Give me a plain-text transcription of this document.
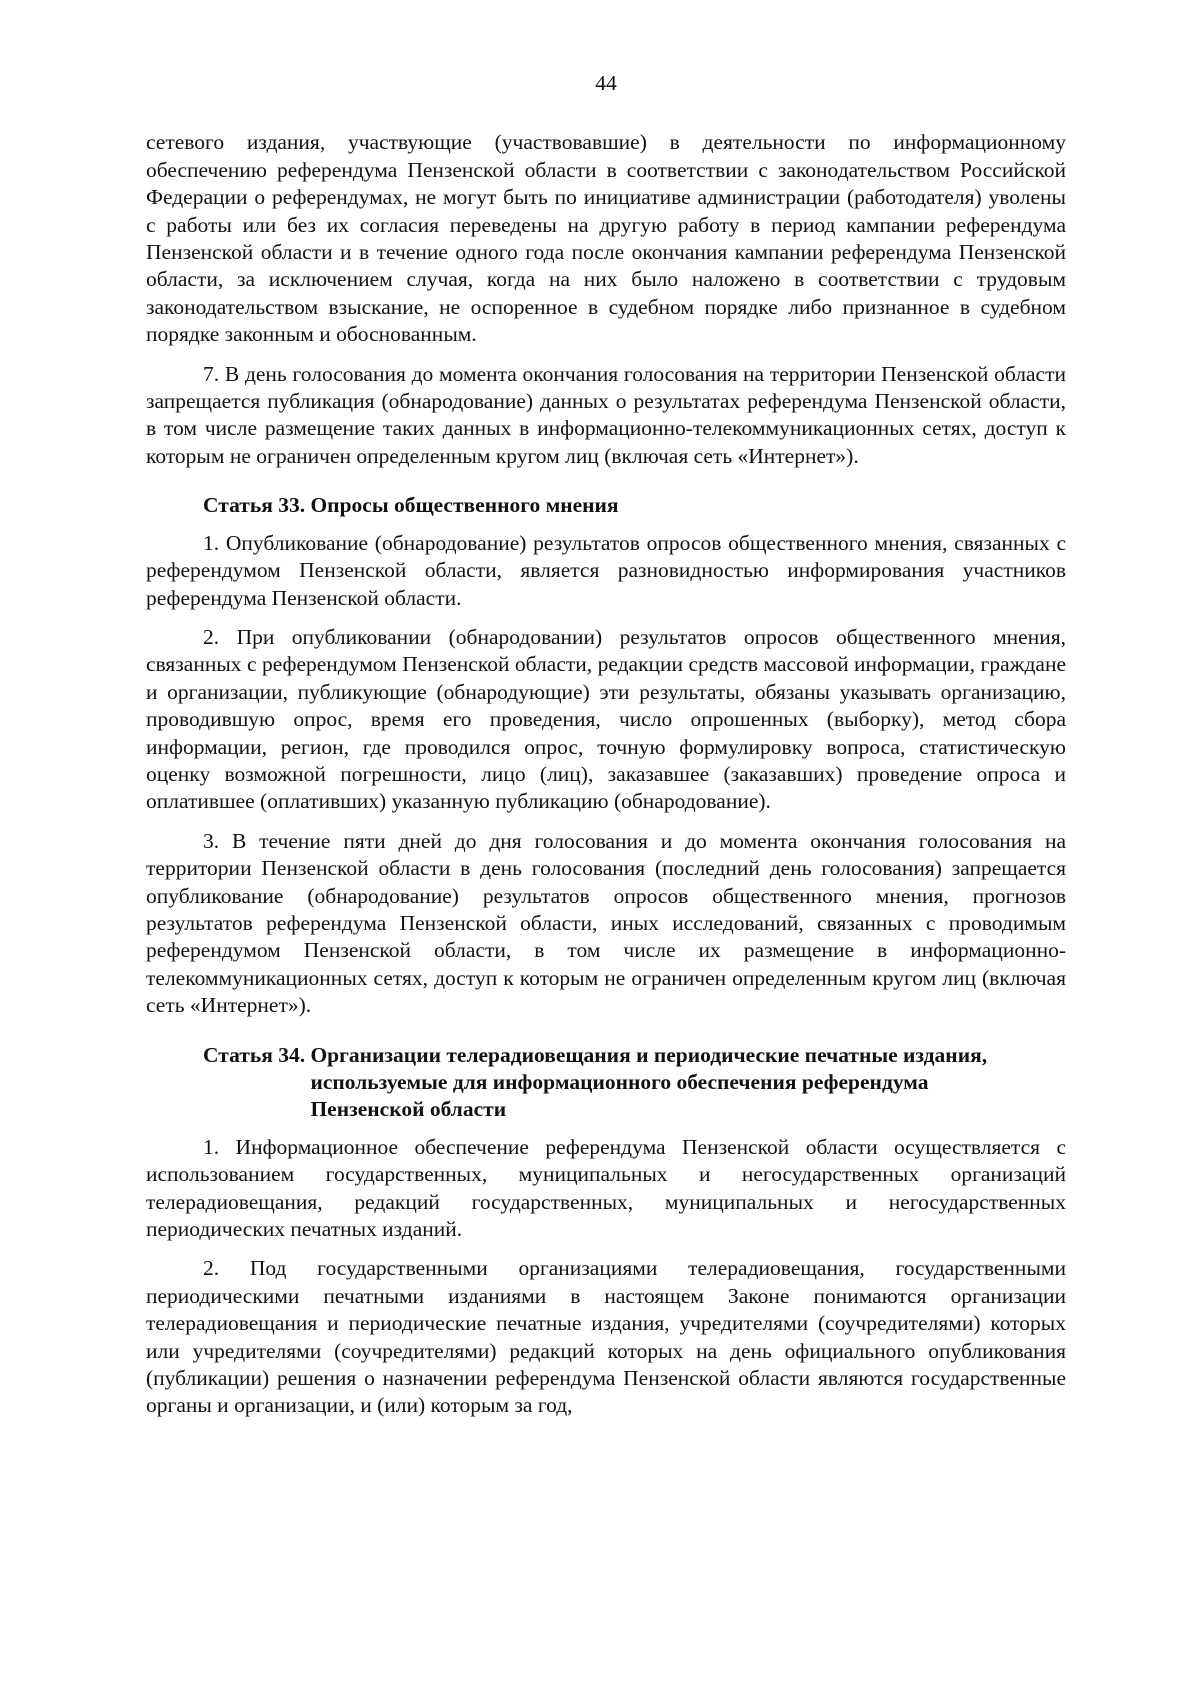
44

сетевого издания, участвующие (участвовавшие) в деятельности по информационному обеспечению референдума Пензенской области в соответствии с законодательством Российской Федерации о референдумах, не могут быть по инициативе администрации (работодателя) уволены с работы или без их согласия переведены на другую работу в период кампании референдума Пензенской области и в течение одного года после окончания кампании референдума Пензенской области, за исключением случая, когда на них было наложено в соответствии с трудовым законодательством взыскание, не оспоренное в судебном порядке либо признанное в судебном порядке законным и обоснованным.

7. В день голосования до момента окончания голосования на территории Пензенской области запрещается публикация (обнародование) данных о результатах референдума Пензенской области, в том числе размещение таких данных в информационно-телекоммуникационных сетях, доступ к которым не ограничен определенным кругом лиц (включая сеть «Интернет»).

Статья 33. Опросы общественного мнения

1. Опубликование (обнародование) результатов опросов общественного мнения, связанных с референдумом Пензенской области, является разновидностью информирования участников референдума Пензенской области.

2. При опубликовании (обнародовании) результатов опросов общественного мнения, связанных с референдумом Пензенской области, редакции средств массовой информации, граждане и организации, публикующие (обнародующие) эти результаты, обязаны указывать организацию, проводившую опрос, время его проведения, число опрошенных (выборку), метод сбора информации, регион, где проводился опрос, точную формулировку вопроса, статистическую оценку возможной погрешности, лицо (лиц), заказавшее (заказавших) проведение опроса и оплатившее (оплативших) указанную публикацию (обнародование).

3. В течение пяти дней до дня голосования и до момента окончания голосования на территории Пензенской области в день голосования (последний день голосования) запрещается опубликование (обнародование) результатов опросов общественного мнения, прогнозов результатов референдума Пензенской области, иных исследований, связанных с проводимым референдумом Пензенской области, в том числе их размещение в информационно-телекоммуникационных сетях, доступ к которым не ограничен определенным кругом лиц (включая сеть «Интернет»).

Статья 34. Организации телерадиовещания и периодические печатные издания, используемые для информационного обеспечения референдума Пензенской области

1. Информационное обеспечение референдума Пензенской области осуществляется с использованием государственных, муниципальных и негосударственных организаций телерадиовещания, редакций государственных, муниципальных и негосударственных периодических печатных изданий.

2. Под государственными организациями телерадиовещания, государственными периодическими печатными изданиями в настоящем Законе понимаются организации телерадиовещания и периодические печатные издания, учредителями (соучредителями) которых или учредителями (соучредителями) редакций которых на день официального опубликования (публикации) решения о назначении референдума Пензенской области являются государственные органы и организации, и (или) которым за год,
